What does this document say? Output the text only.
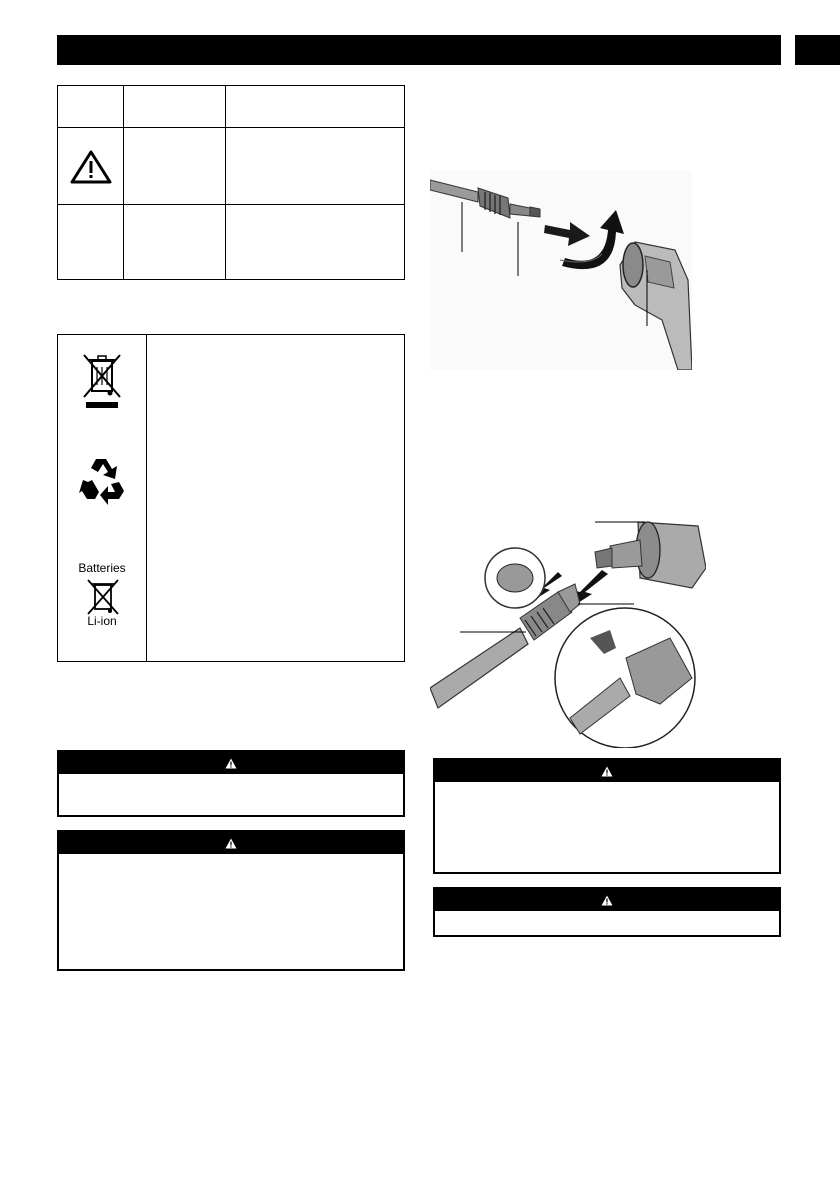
Batteries
Li-ion
